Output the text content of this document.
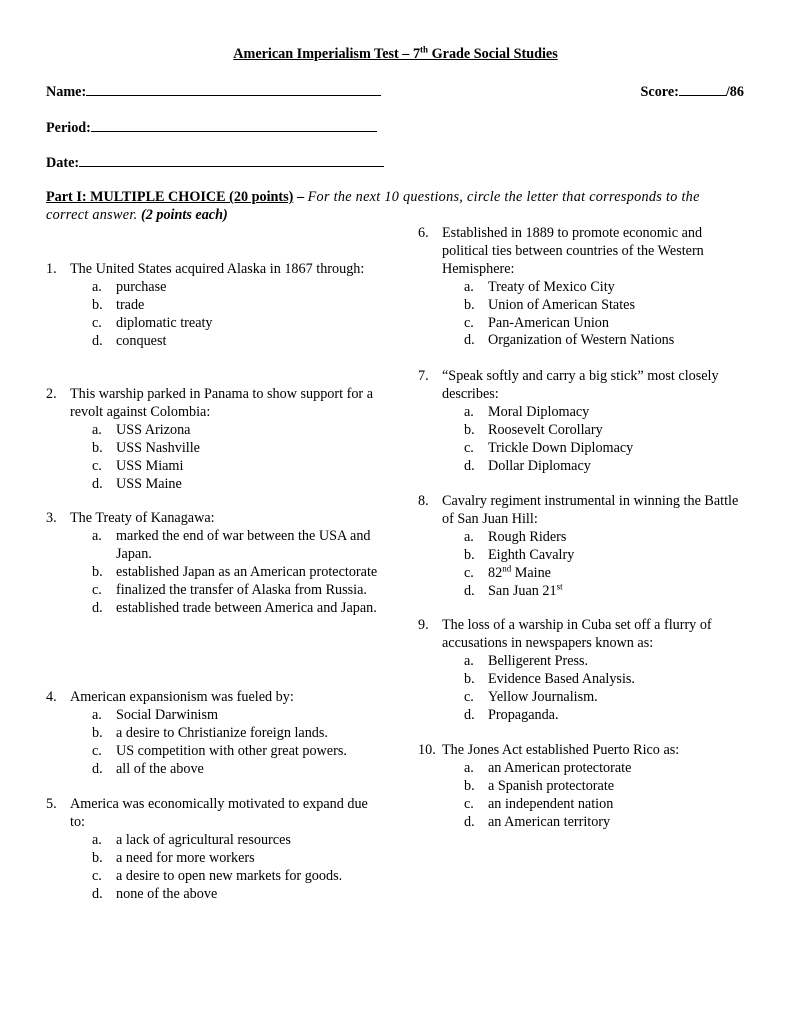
American Imperialism Test – 7th Grade Social Studies
Name:	Score:	/86
Period:
Date:
Part I: MULTIPLE CHOICE (20 points) – For the next 10 questions, circle the letter that corresponds to the correct answer. (2 points each)
1. The United States acquired Alaska in 1867 through:
a. purchase
b. trade
c. diplomatic treaty
d. conquest
2. This warship parked in Panama to show support for a revolt against Colombia:
a. USS Arizona
b. USS Nashville
c. USS Miami
d. USS Maine
3. The Treaty of Kanagawa:
a. marked the end of war between the USA and Japan.
b. established Japan as an American protectorate
c. finalized the transfer of Alaska from Russia.
d. established trade between America and Japan.
4. American expansionism was fueled by:
a. Social Darwinism
b. a desire to Christianize foreign lands.
c. US competition with other great powers.
d. all of the above
5. America was economically motivated to expand due to:
a. a lack of agricultural resources
b. a need for more workers
c. a desire to open new markets for goods.
d. none of the above
6. Established in 1889 to promote economic and political ties between countries of the Western Hemisphere:
a. Treaty of Mexico City
b. Union of American States
c. Pan-American Union
d. Organization of Western Nations
7. “Speak softly and carry a big stick” most closely describes:
a. Moral Diplomacy
b. Roosevelt Corollary
c. Trickle Down Diplomacy
d. Dollar Diplomacy
8. Cavalry regiment instrumental in winning the Battle of San Juan Hill:
a. Rough Riders
b. Eighth Cavalry
c. 82nd Maine
d. San Juan 21st
9. The loss of a warship in Cuba set off a flurry of accusations in newspapers known as:
a. Belligerent Press.
b. Evidence Based Analysis.
c. Yellow Journalism.
d. Propaganda.
10. The Jones Act established Puerto Rico as:
a. an American protectorate
b. a Spanish protectorate
c. an independent nation
d. an American territory
